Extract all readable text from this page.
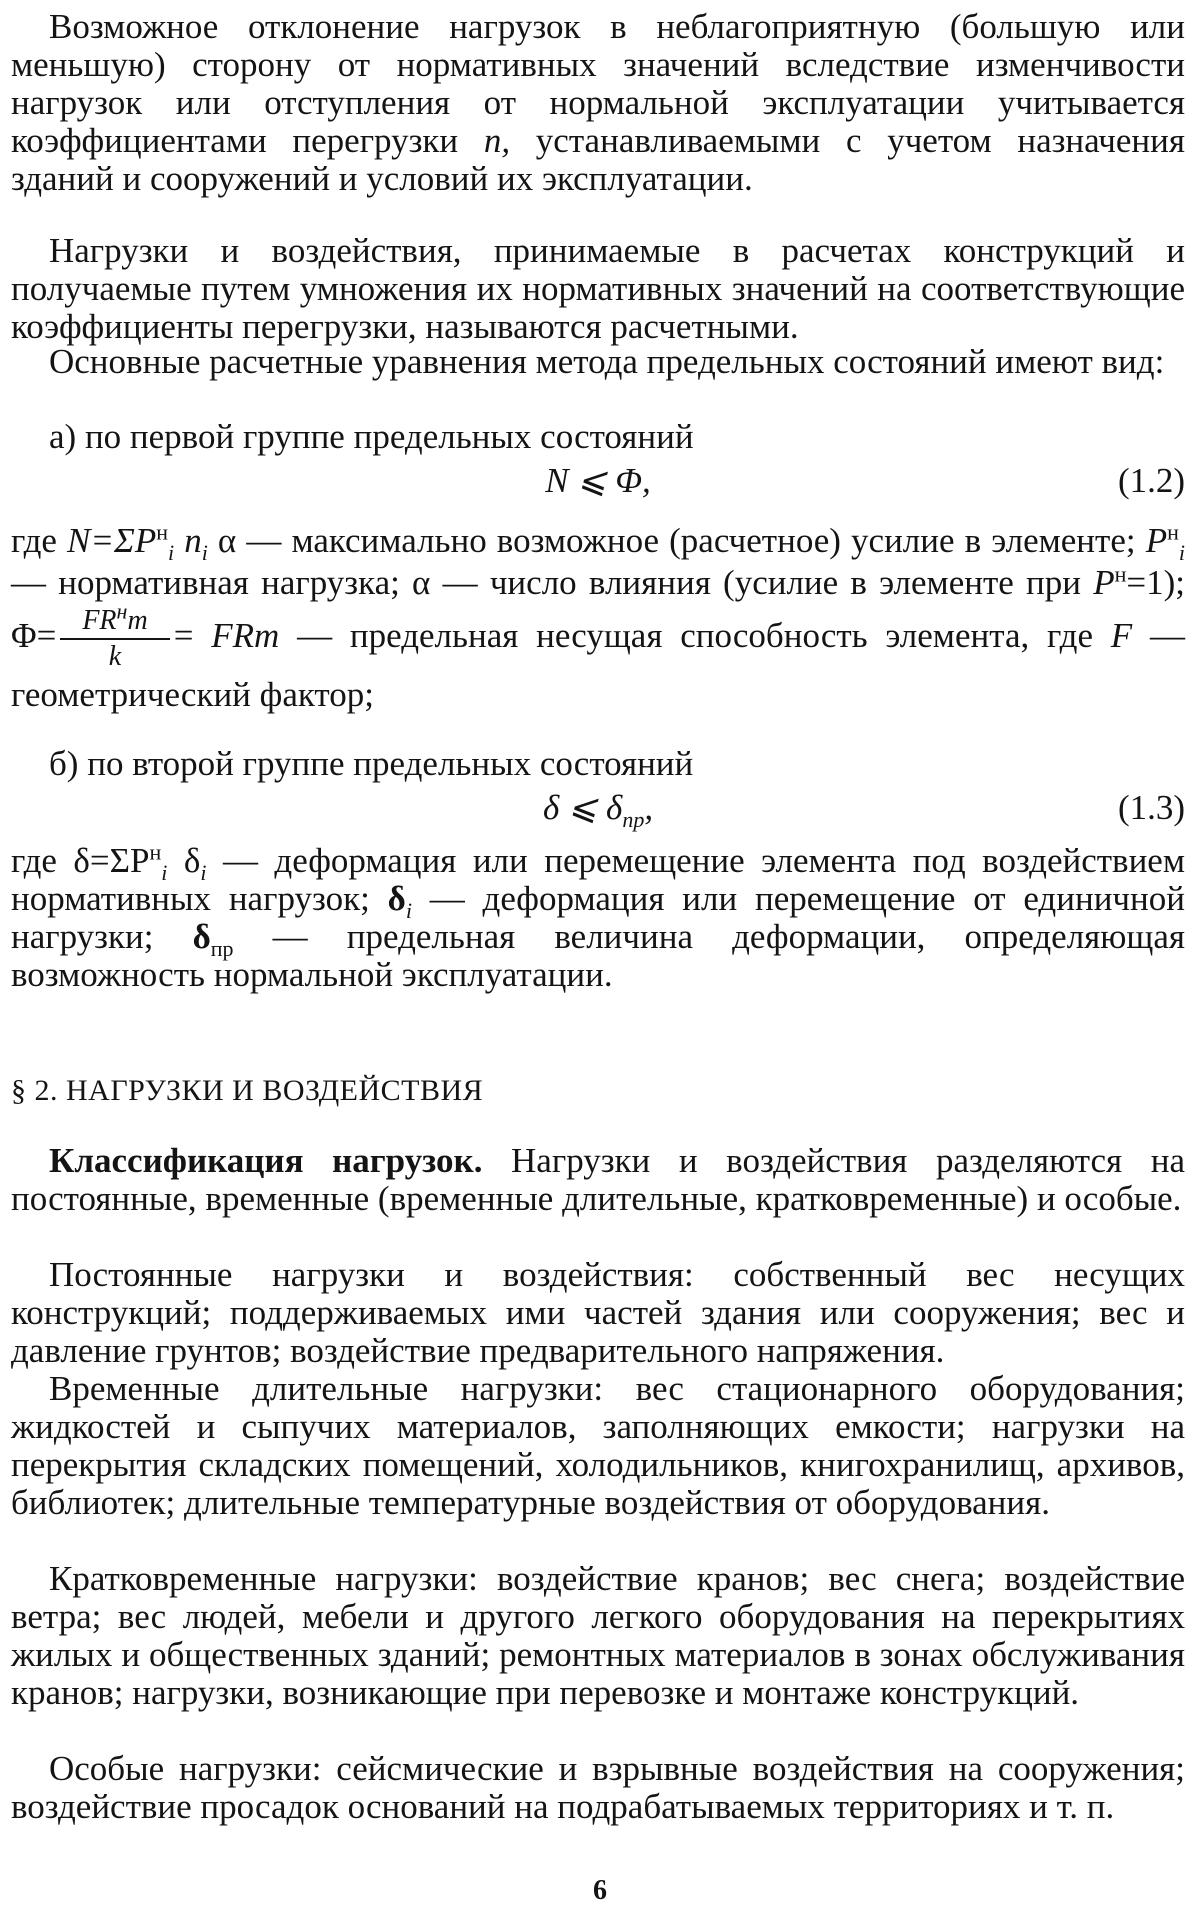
Возможное отклонение нагрузок в неблагоприятную (большую или меньшую) сторону от нормативных значений вследствие изменчивости нагрузок или отступления от нормальной эксплуатации учитывается коэффициентами перегрузки n, устанавливаемыми с учетом назначения зданий и сооружений и условий их эксплуатации.

Нагрузки и воздействия, принимаемые в расчетах конструкций и получаемые путем умножения их нормативных значений на соответствующие коэффициенты перегрузки, называются расчетными.

Основные расчетные уравнения метода предельных состояний имеют вид:

а) по первой группе предельных состояний

N ⩽ Φ,	(1.2)

где $N=\Sigma P^н_i$ $n_i$ α — максимально возможное (расчетное) усилие в элементе; $P^н_i$ — нормативная нагрузка; α — число влияния (усилие в элементе при $P^н=1$); $\Phi= \frac{FR^нm}{k}$ = FRm — предельная несущая способность элемента, где F — геометрический фактор;

б) по второй группе предельных состояний

δ ⩽ $\delta_{пр}$,	(1.3)

где $\delta=\Sigma P^н_i$ $\delta_i$ — деформация или перемещение элемента под воздействием нормативных нагрузок; $\delta_i$ — деформация или перемещение от единичной нагрузки; $\delta_{пр}$ — предельная величина деформации, определяющая возможность нормальной эксплуатации.

§ 2. НАГРУЗКИ И ВОЗДЕЙСТВИЯ

Классификация нагрузок. Нагрузки и воздействия разделяются на постоянные, временные (временные длительные, кратковременные) и особые.

Постоянные нагрузки и воздействия: собственный вес несущих конструкций; поддерживаемых ими частей здания или сооружения; вес и давление грунтов; воздействие предварительного напряжения.

Временные длительные нагрузки: вес стационарного оборудования; жидкостей и сыпучих материалов, заполняющих емкости; нагрузки на перекрытия складских помещений, холодильников, книгохранилищ, архивов, библиотек; длительные температурные воздействия от оборудования.

Кратковременные нагрузки: воздействие кранов; вес снега; воздействие ветра; вес людей, мебели и другого легкого оборудования на перекрытиях жилых и общественных зданий; ремонтных материалов в зонах обслуживания кранов; нагрузки, возникающие при перевозке и монтаже конструкций.

Особые нагрузки: сейсмические и взрывные воздействия на сооружения; воздействие просадок оснований на подрабатываемых территориях и т. п.

6
